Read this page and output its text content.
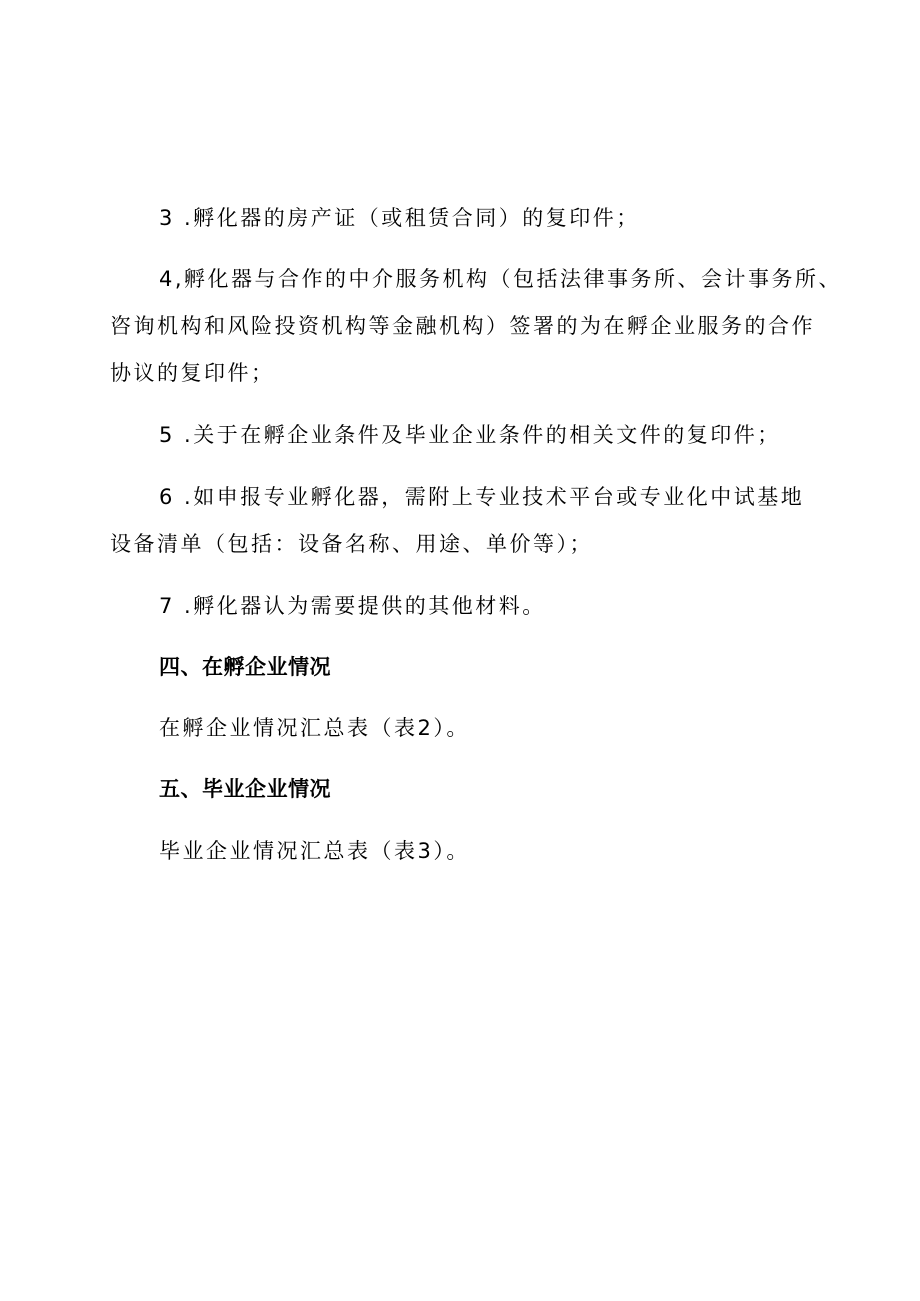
3 .孵化器的房产证（或租赁合同）的复印件；
4,孵化器与合作的中介服务机构（包括法律事务所、会计事务所、
咨询机构和风险投资机构等金融机构）签署的为在孵企业服务的合作
协议的复印件；
5 .关于在孵企业条件及毕业企业条件的相关文件的复印件；
6 .如申报专业孵化器，需附上专业技术平台或专业化中试基地
设备清单（包括：设备名称、用途、单价等）；
7 .孵化器认为需要提供的其他材料。
四、在孵企业情况
在孵企业情况汇总表（表2）。
五、毕业企业情况
毕业企业情况汇总表（表3）。
